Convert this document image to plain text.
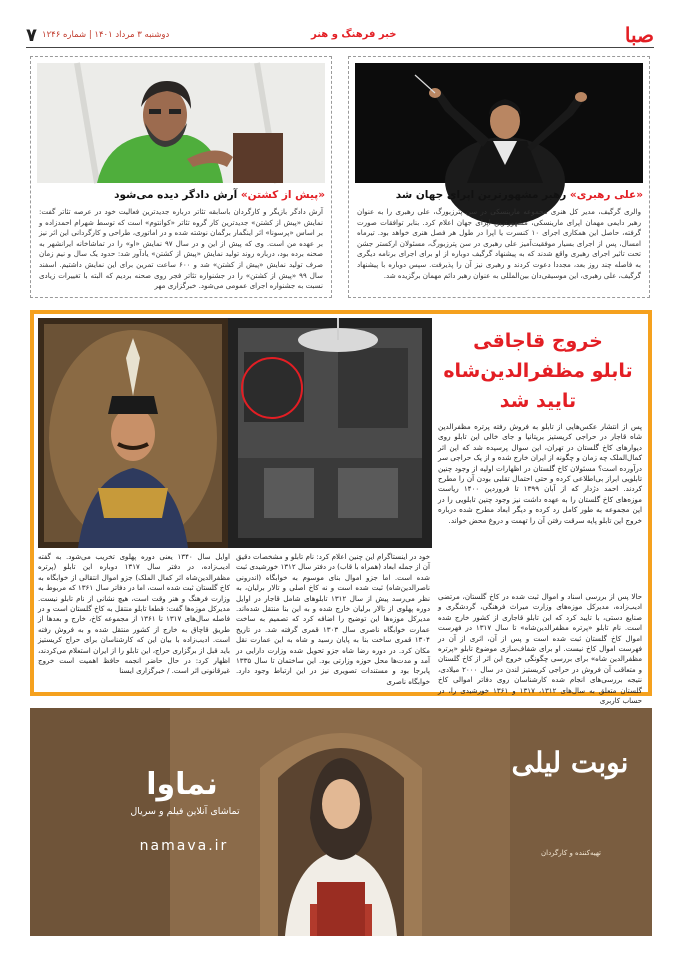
صبا
خبر فرهنگ و هنر
دوشنبه ۳ مرداد ۱۴۰۱ | شماره ۱۲۴۶
۷
«علی رهبری» رهبر مشهورترین اپرای جهان شد
والری گرگیف، مدیر کل هنری مجموعه مارینسکی در سن پترزبورگ، علی رهبری را به عنوان رهبر دایمی مهمان اپرای مارینسکی، مشهورترین اپرای جهان اعلام کرد. بنابر توافقات صورت گرفته، حاصل این همکاری اجرای ۱۰ کنسرت یا اپرا در طول هر فصل هنری خواهد بود. تیرماه امسال، پس از اجرای بسیار موفقیت‌آمیز علی رهبری در سن پترزبورگ، مسئولان ارکستر جشن تحت تاثیر اجرای رهبری واقع شدند که به پیشنهاد گرگیف دوباره از او برای اجرای برنامه دیگری به فاصله چند روز بعد، مجددا دعوت کردند و رهبری نیز آن را پذیرفت. سپس دوباره با پیشنهاد گرگیف، علی رهبری، این موسیقی‌دان بین‌المللی به عنوان رهبر دائم مهمان برگزیده شد.
«پیش از کشتن» آرش دادگر دیده می‌شود
آرش دادگر بازیگر و کارگردان باسابقه تئاتر درباره جدیدترین فعالیت خود در عرصه تئاتر گفت: نمایش «پیش از کشتن» جدیدترین کار گروه تئاتر «کوانتوم» است که توسط شهرام احمدزاده و بر اساس «پرسونا» اثر اینگمار برگمان نوشته شده و در اماتوری، طراحی و کارگردانی این اثر نیز بر عهده من است. وی که پیش از این و در سال ۹۷ نمایش «او» را در تماشاخانه ایرانشهر به صحنه برده بود، درباره روند تولید نمایش «پیش از کشتن» یادآور شد: حدود یک سال و نیم زمان صرف تولید نمایش «پیش از کشتن» شد و ۶۰۰ ساعت تمرین برای این نمایش داشتیم. اسفند سال ۹۹ «پیش از کشتن» را در جشنواره تئاتر فجر روی صحنه بردیم که البته با تغییرات زیادی نسبت به جشنواره اجرای عمومی می‌شود. خبرگزاری مهر
خروج قاجاقی
تابلو مظفرالدین‌شاه
تایید شد
پس از انتشار عکس‌هایی از تابلو به فروش رفته پرتره مظفرالدین شاه قاجار در حراجی کریستیز بریتانیا و جای خالی این تابلو روی دیوارهای کاخ گلستان در تهران، این سوال پرسیده شد که این اثر کمال‌الملک چه زمان و چگونه از ایران خارج شده و از یک حراجی سر درآورده است؟ مسئولان کاخ گلستان در اظهارات اولیه از وجود چنین تابلویی ابراز بی‌اطلاعی کرده و حتی احتمال تقلبی بودن آن را مطرح کردند. احمد دژدار که از آبان ۱۳۹۹ تا فروردین ۱۴۰۰ ریاست موزه‌های کاخ گلستان را به عهده داشت نیز وجود چنین تابلویی را در این مجموعه به طور کامل رد کرده و دیگر ابعاد مطرح شده درباره خروج این تابلو پایه سرقت رفتن آن را تهمت و دروغ محض خواند.
حالا پس از بررسی اسناد و اموال ثبت شده در کاخ گلستان، مرتضی ادیب‌زاده، مدیرکل موزه‌های وزارت میراث فرهنگی، گردشگری و صنایع دستی، با تایید کرد که این تابلو قاجاری از کشور خارج شده است. نام تابلو «پرتره مظفرالدین‌شاه» تا سال ۱۳۱۷ در فهرست اموال کاخ گلستان ثبت شده است و پس از آن، اثری از آن در فهرست اموال کاخ نیست. او برای شفاف‌سازی موضوع تابلو «پرتره مظفرالدین شاه» برای بررسی چگونگی خروج این اثر از کاخ گلستان و متعاقب آن فروش در حراجی کریستیز لندن در سال ۲۰۰۰ میلادی، نتیجه بررسی‌های انجام شده کارشناسان روی دفاتر اموالی کاخ گلستان متعلق به سال‌های ۱۳۱۲، ۱۳۱۷ و ۱۳۶۱ خورشیدی را، در حساب کاربری
خود در اینستاگرام این چنین اعلام کرد: نام تابلو و مشخصات دقیق آن از جمله ابعاد (همراه با قاب) در دفتر سال ۱۳۱۲ خورشیدی ثبت شده است. اما جزو اموال بنای موسوم به خوابگاه (اندرونی ناصرالدین‌شاه) ثبت شده است و نه کاخ اصلی و تالار برلیان، به نظر می‌رسد پیش از سال ۱۳۱۲ تابلوهای شامل قاجار در اوایل دوره پهلوی از تالار برلیان خارج شده و به این بنا منتقل شده‌اند. مدیرکل موزه‌ها این توضیح را اضافه کرد که تصمیم به ساخت عمارت خوابگاه ناصری سال ۱۳۰۳ قمری گرفته شد. در تاریخ ۱۳۰۴ قمری ساخت بنا به پایان رسید و شاه به این عمارت نقل مکان کرد. در دوره رضا شاه جزو تحویل شده وزارت دارایی در آمد و مدت‌ها محل حوزه وزارتی بود. این ساختمان تا سال ۱۳۳۵ پابرجا بود و مستندات تصویری نیز در این ارتباط وجود دارد. خوابگاه ناصری
اوایل سال ۱۳۴۰ یعنی دوره پهلوی تخریب می‌شود. به گفته ادیب‌زاده، در دفتر سال ۱۳۱۷ دوباره این تابلو (پرتره مظفرالدین‌شاه اثر کمال الملک) جزو اموال انتقالی از خوابگاه به کاخ گلستان ثبت شده است، اما در دفاتر سال ۱۳۶۱ که مربوط به وزارت فرهنگ و هنر وقت است، هیچ نشانی از نام تابلو نیست. مدیرکل موزه‌ها گفت: قطعا تابلو منتقل به کاخ گلستان است و در فاصله سال‌های ۱۳۱۷ تا ۱۳۶۱ از مجموعه کاخ، خارج و بعدها از طریق قاچاق به خارج از کشور منتقل شده و به فروش رفته است. ادیب‌زاده با بیان این که کارشناسان برای حراج کریستیز باید قبل از برگزاری حراج، این تابلو را از ایران استعلام می‌کردند، اظهار کرد: در حال حاضر انجمه حافظ اهمیت است خروج غیرقانونی اثر است. / خبرگزاری ایسنا
نماوا
تماشای آنلاین فیلم و سریال
namava.ir
نوبت لیلی
تهیه‌کننده و کارگردان
